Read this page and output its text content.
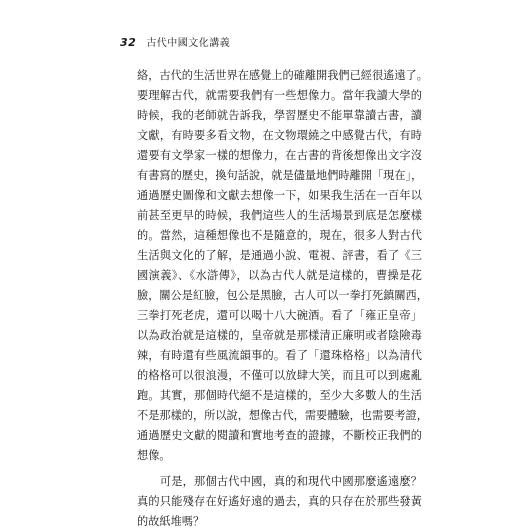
32 古代中國文化講義
絡，古代的生活世界在感覺上的確離開我們已經很遙遠了。
要理解古代，就需要我們有一些想像力。當年我讀大學的
時候，我的老師就告訴我，學習歷史不能單靠讀古書，讀
文獻，有時要多看文物，在文物環繞之中感覺古代，有時
還要有文學家一樣的想像力，在古書的背後想像出文字沒
有書寫的歷史，換句話說，就是儘量地們時離開「現在」，
通過歷史圖像和文獻去想像一下，如果我生活在一百年以
前甚至更早的時候，我們這些人的生活場景到底是怎麼樣
的。當然，這種想像也不是隨意的，現在，很多人對古代
生活與文化的了解，是通過小說、電視、評書，看了《三
國演義》、《水滸傳》，以為古代人就是這樣的，曹操是花
臉，關公是紅臉，包公是黑臉，古人可以一拳打死鎮關西，
三拳打死老虎，還可以喝十八大碗酒。看了「雍正皇帝」
以為政治就是這樣的，皇帝就是那樣清正廉明或者陰險毒
辣，有時還有些風流韻事的。看了「還珠格格」以為清代
的格格可以很浪漫，不僅可以放肆大笑，而且可以到處亂
跑。其實，那個時代絕不是這樣的，至少大多數人的生活
不是那樣的，所以說，想像古代，需要體驗，也需要考證，
通過歷史文獻的閱讀和實地考查的證據，不斷校正我們的
想像。
　　可是，那個古代中國，真的和現代中國那麼遙遠麼？
真的只能殘存在好遙好遠的過去，真的只存在於那些發黃
的故紙堆嗎？
